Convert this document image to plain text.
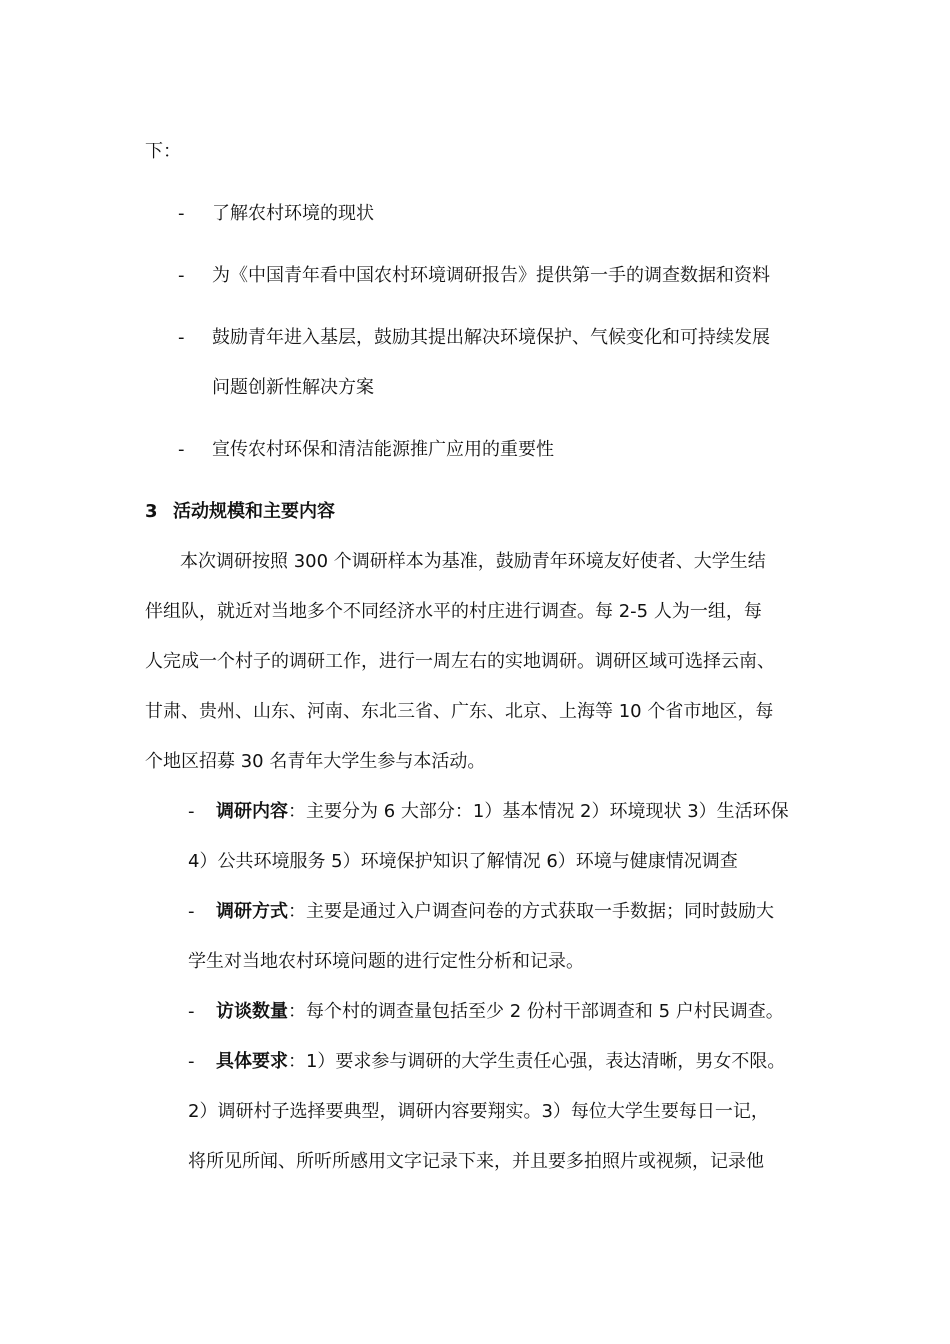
下：
- 了解农村环境的现状
- 为《中国青年看中国农村环境调研报告》提供第一手的调查数据和资料
- 鼓励青年进入基层，鼓励其提出解决环境保护、气候变化和可持续发展
问题创新性解决方案
- 宣传农村环保和清洁能源推广应用的重要性
3 活动规模和主要内容
本次调研按照 300 个调研样本为基准，鼓励青年环境友好使者、大学生结
伴组队，就近对当地多个不同经济水平的村庄进行调查。每 2-5 人为一组，每
人完成一个村子的调研工作，进行一周左右的实地调研。调研区域可选择云南、
甘肃、贵州、山东、河南、东北三省、广东、北京、上海等 10 个省市地区，每
个地区招募 30 名青年大学生参与本活动。
- 调研内容：主要分为 6 大部分：1）基本情况 2）环境现状 3）生活环保
4）公共环境服务 5）环境保护知识了解情况 6）环境与健康情况调查
- 调研方式：主要是通过入户调查问卷的方式获取一手数据；同时鼓励大
学生对当地农村环境问题的进行定性分析和记录。
- 访谈数量：每个村的调查量包括至少 2 份村干部调查和 5 户村民调查。
- 具体要求：1）要求参与调研的大学生责任心强，表达清晰，男女不限。
2）调研村子选择要典型，调研内容要翔实。3）每位大学生要每日一记，
将所见所闻、所听所感用文字记录下来，并且要多拍照片或视频，记录他
